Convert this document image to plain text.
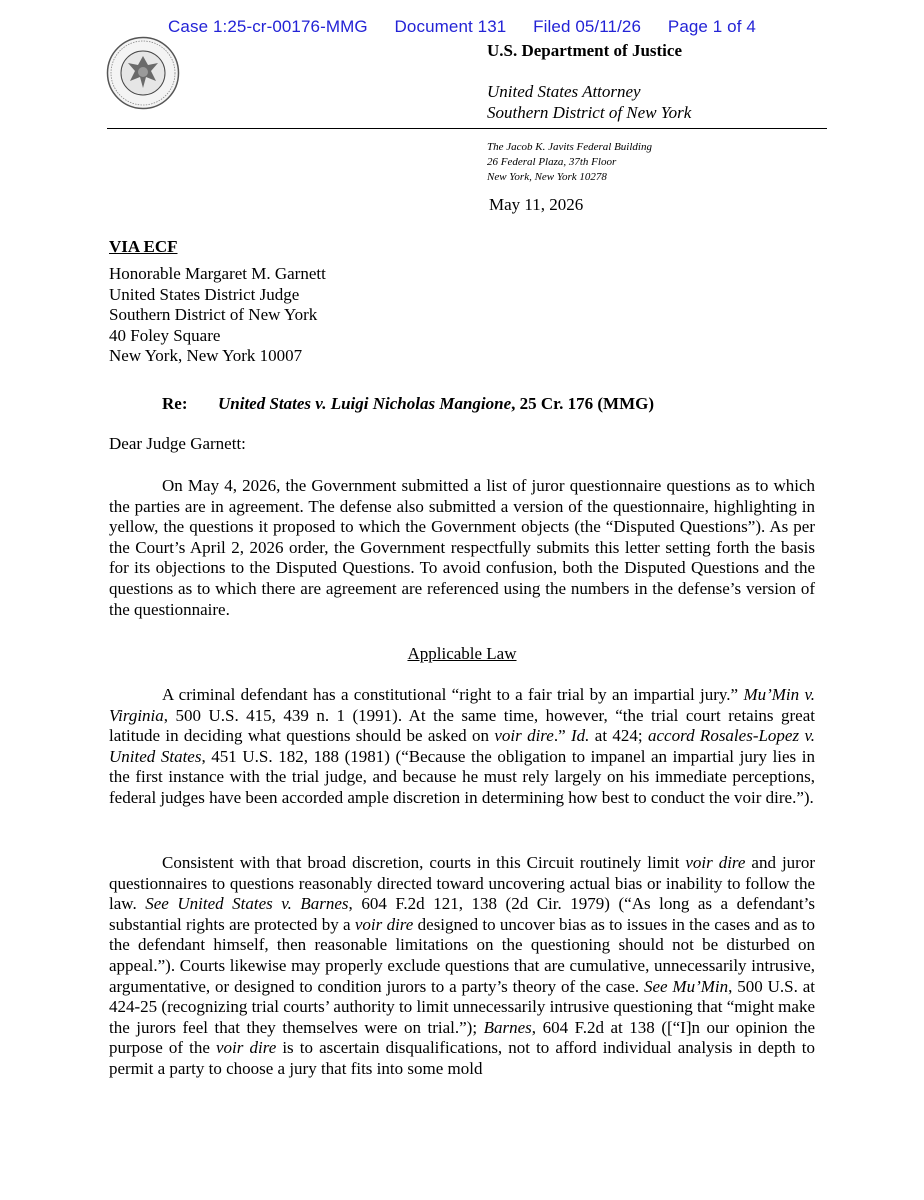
Case 1:25-cr-00176-MMG Document 131 Filed 05/11/26 Page 1 of 4
U.S. Department of Justice
United States Attorney
Southern District of New York
The Jacob K. Javits Federal Building
26 Federal Plaza, 37th Floor
New York, New York 10278
May 11, 2026
VIA ECF
Honorable Margaret M. Garnett
United States District Judge
Southern District of New York
40 Foley Square
New York, New York 10007
Re: United States v. Luigi Nicholas Mangione, 25 Cr. 176 (MMG)
Dear Judge Garnett:

On May 4, 2026, the Government submitted a list of juror questionnaire questions as to which the parties are in agreement. The defense also submitted a version of the questionnaire, highlighting in yellow, the questions it proposed to which the Government objects (the “Disputed Questions”). As per the Court’s April 2, 2026 order, the Government respectfully submits this letter setting forth the basis for its objections to the Disputed Questions. To avoid confusion, both the Disputed Questions and the questions as to which there are agreement are referenced using the numbers in the defense’s version of the questionnaire.

Applicable Law

A criminal defendant has a constitutional “right to a fair trial by an impartial jury.” Mu’Min v. Virginia, 500 U.S. 415, 439 n. 1 (1991). At the same time, however, “the trial court retains great latitude in deciding what questions should be asked on voir dire.” Id. at 424; accord Rosales-Lopez v. United States, 451 U.S. 182, 188 (1981) (“Because the obligation to impanel an impartial jury lies in the first instance with the trial judge, and because he must rely largely on his immediate perceptions, federal judges have been accorded ample discretion in determining how best to conduct the voir dire.”).

Consistent with that broad discretion, courts in this Circuit routinely limit voir dire and juror questionnaires to questions reasonably directed toward uncovering actual bias or inability to follow the law. See United States v. Barnes, 604 F.2d 121, 138 (2d Cir. 1979) (“As long as a defendant’s substantial rights are protected by a voir dire designed to uncover bias as to issues in the cases and as to the defendant himself, then reasonable limitations on the questioning should not be disturbed on appeal.”). Courts likewise may properly exclude questions that are cumulative, unnecessarily intrusive, argumentative, or designed to condition jurors to a party’s theory of the case. See Mu’Min, 500 U.S. at 424-25 (recognizing trial courts’ authority to limit unnecessarily intrusive questioning that “might make the jurors feel that they themselves were on trial.”); Barnes, 604 F.2d at 138 ([“I]n our opinion the purpose of the voir dire is to ascertain disqualifications, not to afford individual analysis in depth to permit a party to choose a jury that fits into some mold
